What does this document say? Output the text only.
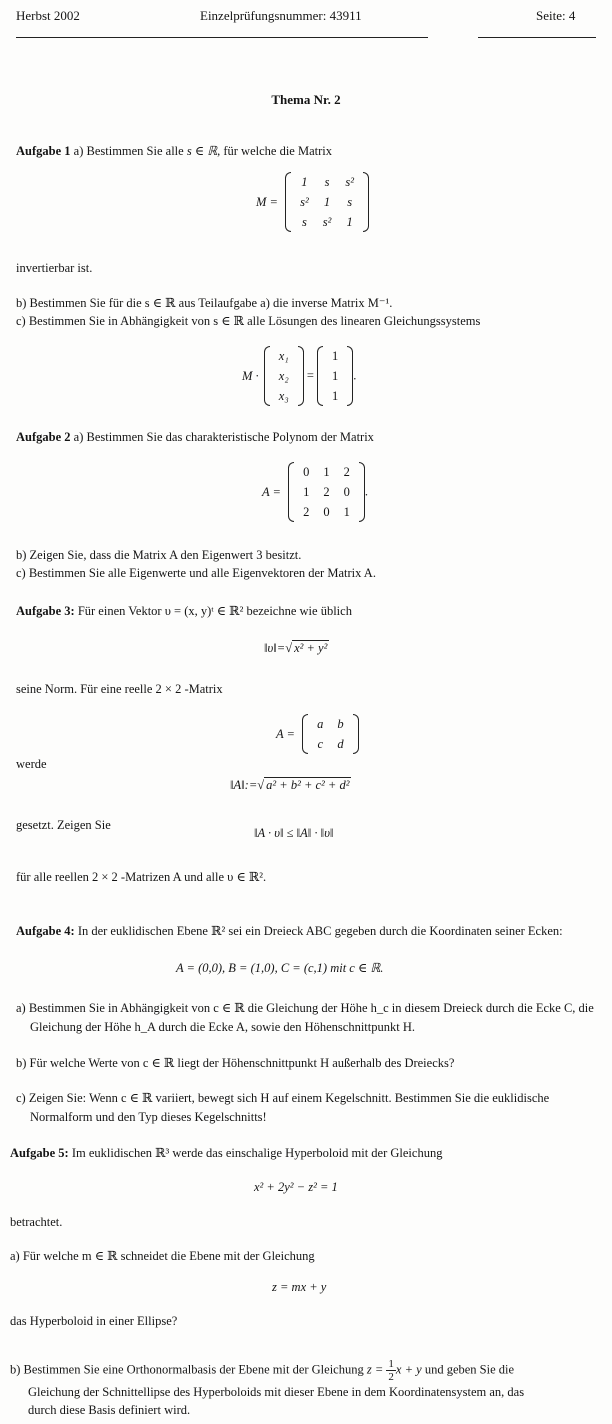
Herbst 2002	Einzelprüfungsnummer: 43911	Seite: 4
Thema Nr. 2
Aufgabe 1 a) Bestimmen Sie alle s ∈ ℝ, für welche die Matrix
M =
1	s	s²
s²	1	s
s	s²	1
invertierbar ist.
b) Bestimmen Sie für die s ∈ ℝ aus Teilaufgabe a) die inverse Matrix M⁻¹.
c) Bestimmen Sie in Abhängigkeit von s ∈ ℝ alle Lösungen des linearen Gleichungssystems
M ·
x₁
x₂
x₃
=
1
1
1
.
Aufgabe 2 a) Bestimmen Sie das charakteristische Polynom der Matrix
A =
0	1	2
1	2	0
2	0	1
.
b) Zeigen Sie, dass die Matrix A den Eigenwert 3 besitzt.
c) Bestimmen Sie alle Eigenwerte und alle Eigenvektoren der Matrix A.
Aufgabe 3: Für einen Vektor υ = (x, y)ᵗ ∈ ℝ² bezeichne wie üblich
‖υ‖=√ x² + y²
seine Norm. Für eine reelle 2 × 2 -Matrix
A =
a	b
c	d
werde
‖A‖:=√ a² + b² + c² + d²
gesetzt. Zeigen Sie
‖A · υ‖ ≤ ‖A‖ · ‖υ‖
für alle reellen 2 × 2 -Matrizen A und alle υ ∈ ℝ².
Aufgabe 4: In der euklidischen Ebene ℝ² sei ein Dreieck ABC gegeben durch die Koordinaten seiner Ecken:
A = (0,0), B = (1,0), C = (c,1) mit c ∈ ℝ.
a) Bestimmen Sie in Abhängigkeit von c ∈ ℝ die Gleichung der Höhe h_c in diesem Dreieck durch die Ecke C, die Gleichung der Höhe h_A durch die Ecke A, sowie den Höhenschnittpunkt H.
b) Für welche Werte von c ∈ ℝ liegt der Höhenschnittpunkt H außerhalb des Dreiecks?
c) Zeigen Sie: Wenn c ∈ ℝ variiert, bewegt sich H auf einem Kegelschnitt. Bestimmen Sie die euklidische Normalform und den Typ dieses Kegelschnitts!
Aufgabe 5: Im euklidischen ℝ³ werde das einschalige Hyperboloid mit der Gleichung
x² + 2y² − z² = 1
betrachtet.
a) Für welche m ∈ ℝ schneidet die Ebene mit der Gleichung
z = mx + y
das Hyperboloid in einer Ellipse?
b) Bestimmen Sie eine Orthonormalbasis der Ebene mit der Gleichung $z = \frac{1}{2}$ x + y und geben Sie die
Gleichung der Schnittellipse des Hyperboloids mit dieser Ebene in dem Koordinatensystem an, das
durch diese Basis definiert wird.
